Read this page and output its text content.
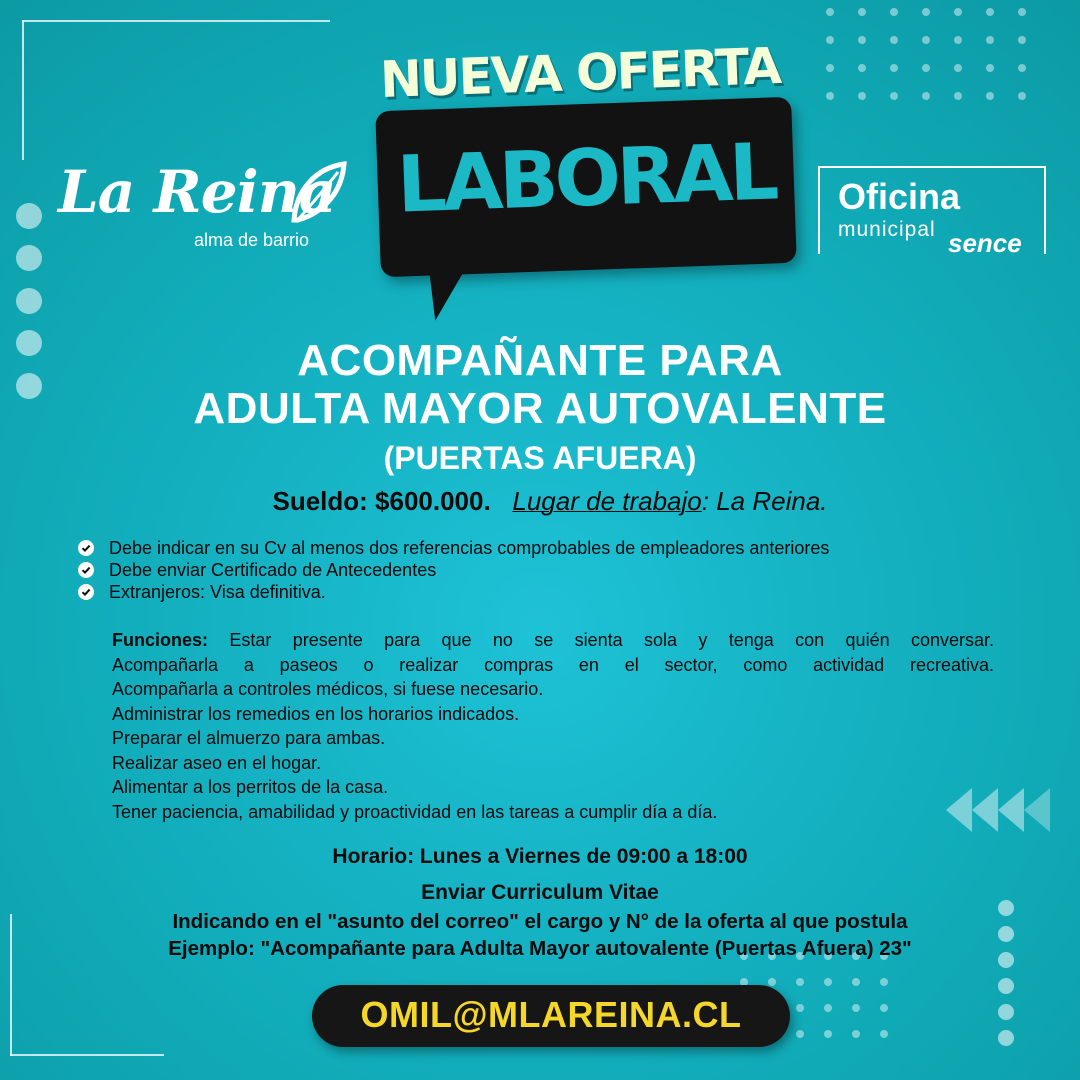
La Reina
alma de barrio
NUEVA OFERTA
LABORAL	Oficina
municipal sence
ACOMPAÑANTE PARA
ADULTA MAYOR AUTOVALENTE
(PUERTAS AFUERA)
Sueldo: $600.000. Lugar de trabajo: La Reina.
Debe indicar en su Cv al menos dos referencias comprobables de empleadores anteriores
Debe enviar Certificado de Antecedentes
Extranjeros: Visa definitiva.
Funciones: Estar presente para que no se sienta sola y tenga con quién conversar.
Acompañarla a paseos o realizar compras en el sector, como actividad recreativa.
Acompañarla a controles médicos, si fuese necesario.
Administrar los remedios en los horarios indicados.
Preparar el almuerzo para ambas.
Realizar aseo en el hogar.
Alimentar a los perritos de la casa.
Tener paciencia, amabilidad y proactividad en las tareas a cumplir día a día.
Horario: Lunes a Viernes de 09:00 a 18:00
Enviar Curriculum Vitae
Indicando en el "asunto del correo" el cargo y N° de la oferta al que postula
Ejemplo: "Acompañante para Adulta Mayor autovalente (Puertas Afuera) 23"
OMIL@MLAREINA.CL
